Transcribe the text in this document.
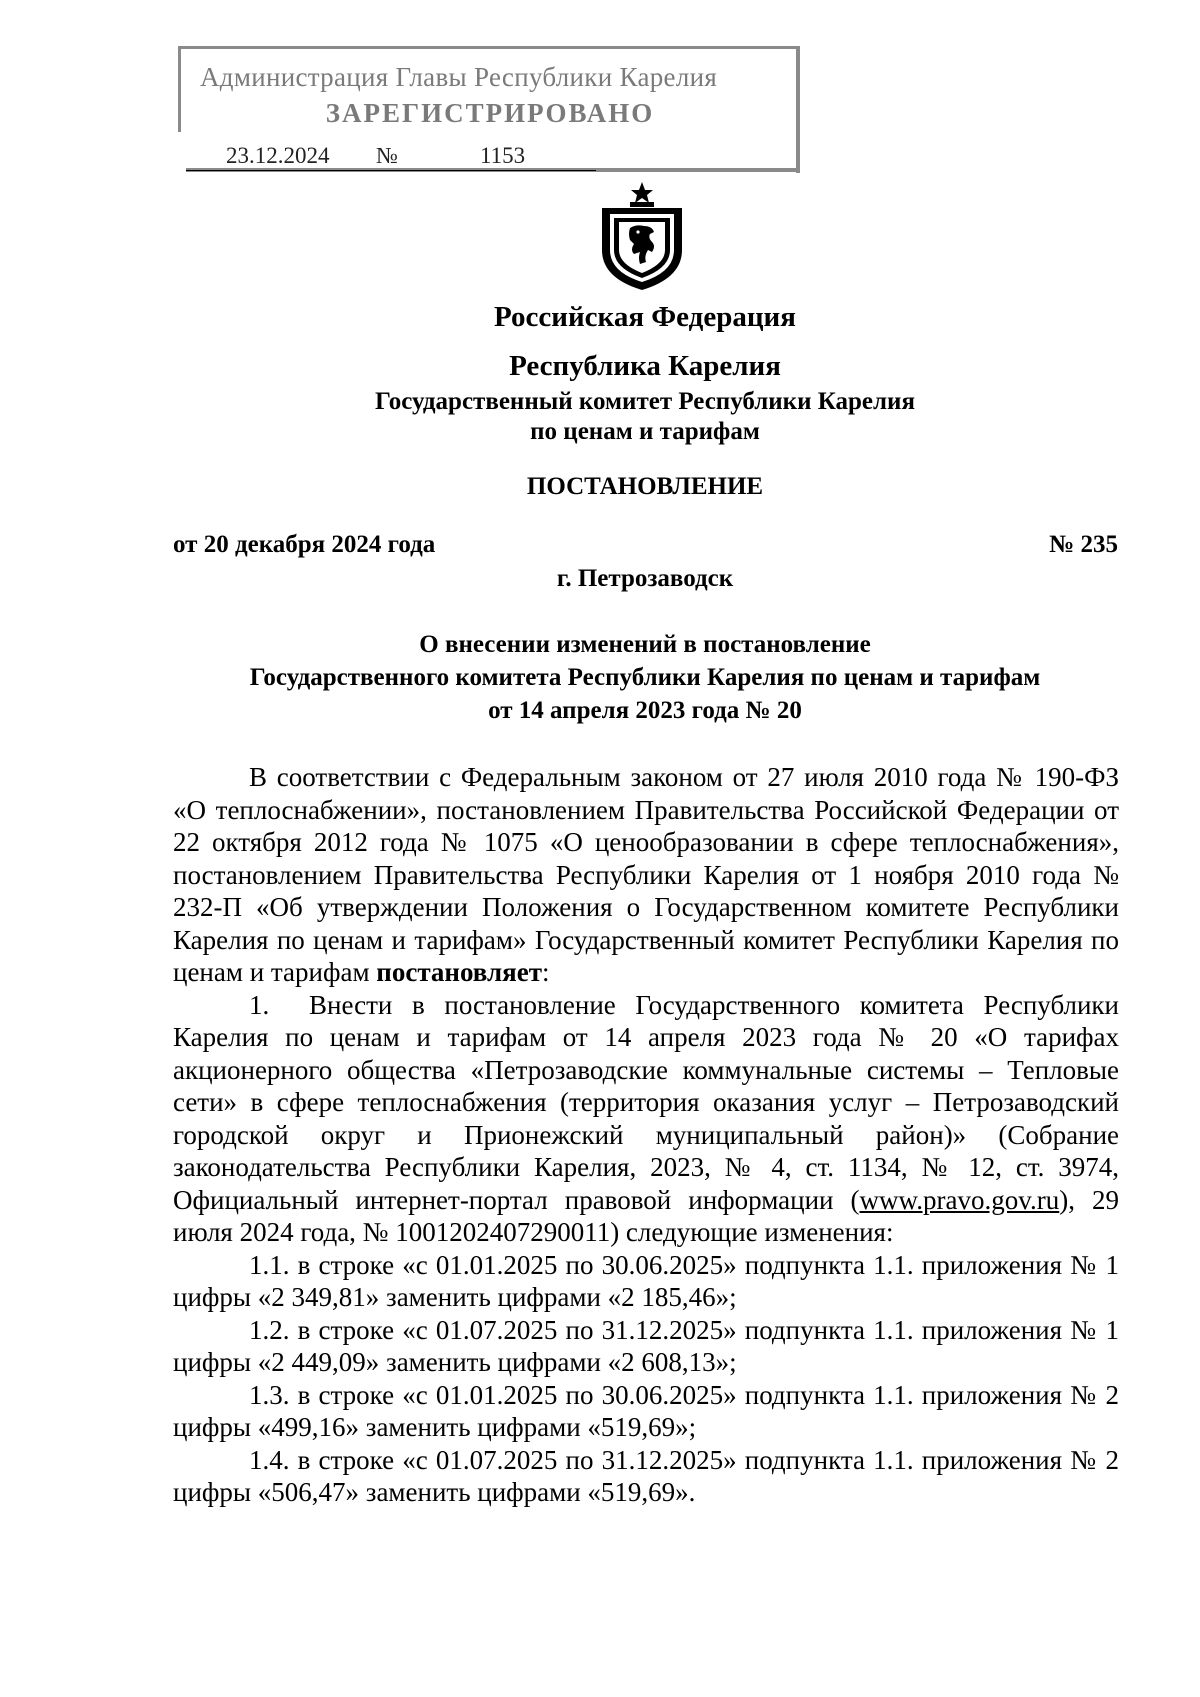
Администрация Главы Республики Карелия
ЗАРЕГИСТРИРОВАНО
23.12.2024 №	1153
Российская Федерация
Республика Карелия
Государственный комитет Республики Карелия
по ценам и тарифам
ПОСТАНОВЛЕНИЕ
от 20 декабря 2024 года	№ 235
г. Петрозаводск
О внесении изменений в постановление
Государственного комитета Республики Карелия по ценам и тарифам
от 14 апреля 2023 года № 20

В соответствии с Федеральным законом от 27 июля 2010 года № 190-ФЗ «О теплоснабжении», постановлением Правительства Российской Федерации от 22 октября 2012 года № 1075 «О ценообразовании в сфере теплоснабжения», постановлением Правительства Республики Карелия от 1 ноября 2010 года № 232-П «Об утверждении Положения о Государственном комитете Республики Карелия по ценам и тарифам» Государственный комитет Республики Карелия по ценам и тарифам постановляет:

1. Внести в постановление Государственного комитета Республики Карелия по ценам и тарифам от 14 апреля 2023 года № 20 «О тарифах акционерного общества «Петрозаводские коммунальные системы – Тепловые сети» в сфере теплоснабжения (территория оказания услуг – Петрозаводский городской округ и Прионежский муниципальный район)» (Собрание законодательства Республики Карелия, 2023, № 4, ст. 1134, № 12, ст. 3974, Официальный интернет-портал правовой информации (www.pravo.gov.ru), 29 июля 2024 года, № 1001202407290011) следующие изменения:

1.1. в строке «с 01.01.2025 по 30.06.2025» подпункта 1.1. приложения № 1 цифры «2 349,81» заменить цифрами «2 185,46»;

1.2. в строке «с 01.07.2025 по 31.12.2025» подпункта 1.1. приложения № 1 цифры «2 449,09» заменить цифрами «2 608,13»;

1.3. в строке «с 01.01.2025 по 30.06.2025» подпункта 1.1. приложения № 2 цифры «499,16» заменить цифрами «519,69»;

1.4. в строке «с 01.07.2025 по 31.12.2025» подпункта 1.1. приложения № 2 цифры «506,47» заменить цифрами «519,69».
